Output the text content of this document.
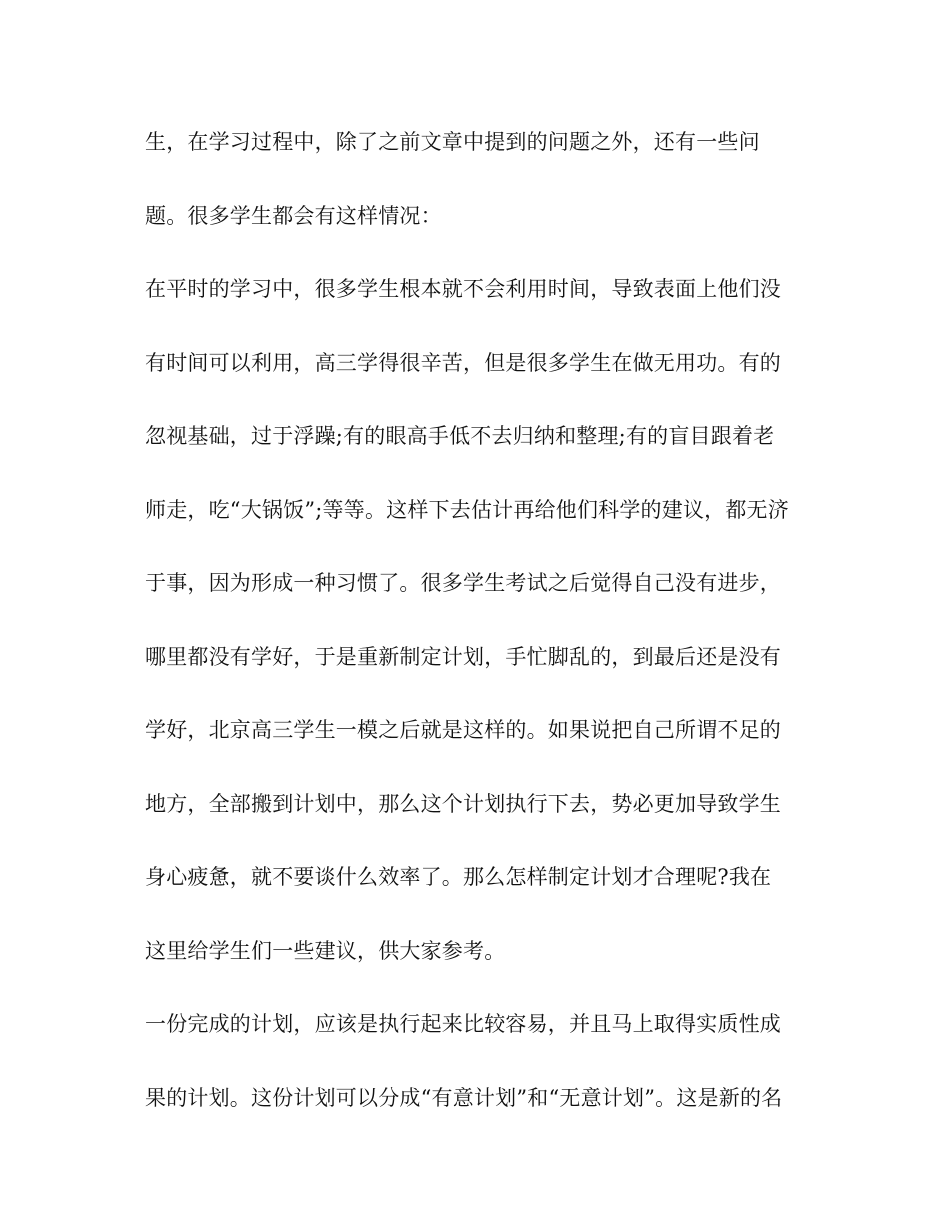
生，在学习过程中，除了之前文章中提到的问题之外，还有一些问
题。很多学生都会有这样情况：
在平时的学习中，很多学生根本就不会利用时间，导致表面上他们没
有时间可以利用，高三学得很辛苦，但是很多学生在做无用功。有的
忽视基础，过于浮躁;有的眼高手低不去归纳和整理;有的盲目跟着老
师走，吃“大锅饭”;等等。这样下去估计再给他们科学的建议，都无济
于事，因为形成一种习惯了。很多学生考试之后觉得自己没有进步，
哪里都没有学好，于是重新制定计划，手忙脚乱的，到最后还是没有
学好，北京高三学生一模之后就是这样的。如果说把自己所谓不足的
地方，全部搬到计划中，那么这个计划执行下去，势必更加导致学生
身心疲惫，就不要谈什么效率了。那么怎样制定计划才合理呢?我在
这里给学生们一些建议，供大家参考。
一份完成的计划，应该是执行起来比较容易，并且马上取得实质性成
果的计划。这份计划可以分成“有意计划”和“无意计划”。这是新的名
